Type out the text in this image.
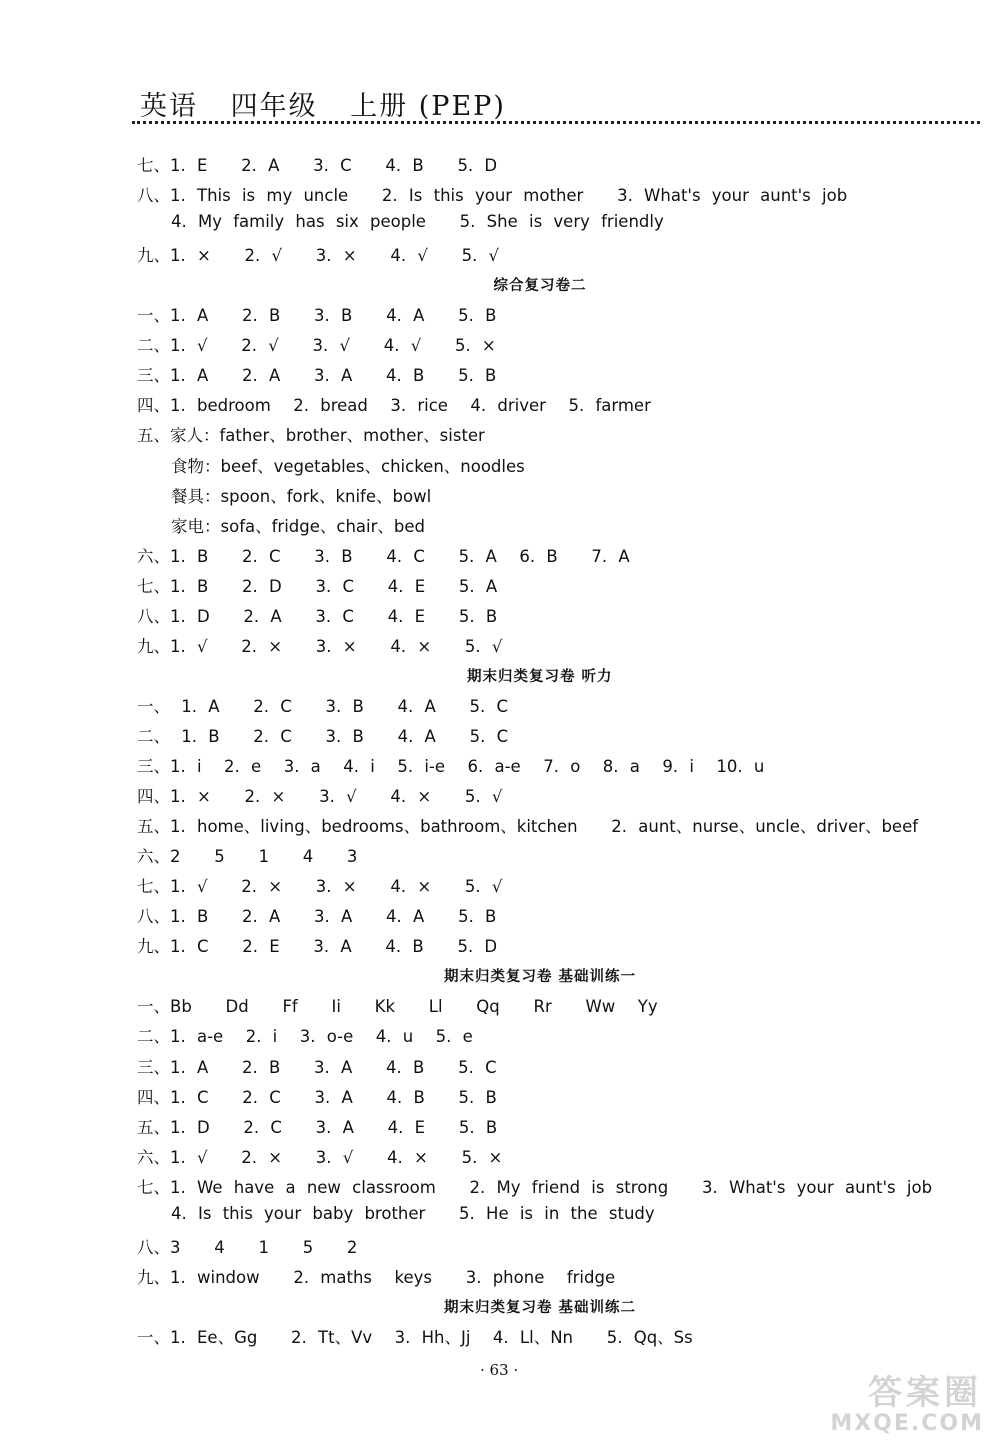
英语 四年级 上册 (PEP)
七、1. E   2. A   3. C   4. B   5. D
八、1. This is my uncle   2. Is this your mother   3. What's your aunt's job
4. My family has six people   5. She is very friendly
九、1. ×   2. √   3. ×   4. √   5. √
综合复习卷二
一、1. A   2. B   3. B   4. A   5. B
二、1. √   2. √   3. √   4. √   5. ×
三、1. A   2. A   3. A   4. B   5. B
四、1. bedroom  2. bread  3. rice  4. driver  5. farmer
五、家人：father、brother、mother、sister
食物：beef、vegetables、chicken、noodles
餐具：spoon、fork、knife、bowl
家电：sofa、fridge、chair、bed
六、1. B   2. C   3. B   4. C   5. A  6. B   7. A
七、1. B   2. D   3. C   4. E   5. A
八、1. D   2. A   3. C   4. E   5. B
九、1. √   2. ×   3. ×   4. ×   5. √
期末归类复习卷 听力
一、 1. A   2. C   3. B   4. A   5. C
二、 1. B   2. C   3. B   4. A   5. C
三、1. i  2. e  3. a  4. i  5. i-e  6. a-e  7. o  8. a  9. i  10. u
四、1. ×   2. ×   3. √   4. ×   5. √
五、1. home、living、bedrooms、bathroom、kitchen   2. aunt、nurse、uncle、driver、beef
六、2   5   1   4   3
七、1. √   2. ×   3. ×   4. ×   5. √
八、1. B   2. A   3. A   4. A   5. B
九、1. C   2. E   3. A   4. B   5. D
期末归类复习卷 基础训练一
一、Bb   Dd   Ff   Ii   Kk   Ll   Qq   Rr   Ww  Yy
二、1. a-e  2. i  3. o-e  4. u  5. e
三、1. A   2. B   3. A   4. B   5. C
四、1. C   2. C   3. A   4. B   5. B
五、1. D   2. C   3. A   4. E   5. B
六、1. √   2. ×   3. √   4. ×   5. ×
七、1. We have a new classroom   2. My friend is strong   3. What's your aunt's job
4. Is this your baby brother   5. He is in the study
八、3   4   1   5   2
九、1. window   2. maths  keys   3. phone  fridge
期末归类复习卷 基础训练二
一、1. Ee、Gg   2. Tt、Vv  3. Hh、Jj  4. Ll、Nn   5. Qq、Ss
· 63 ·
答案圈
MXQE.COM
